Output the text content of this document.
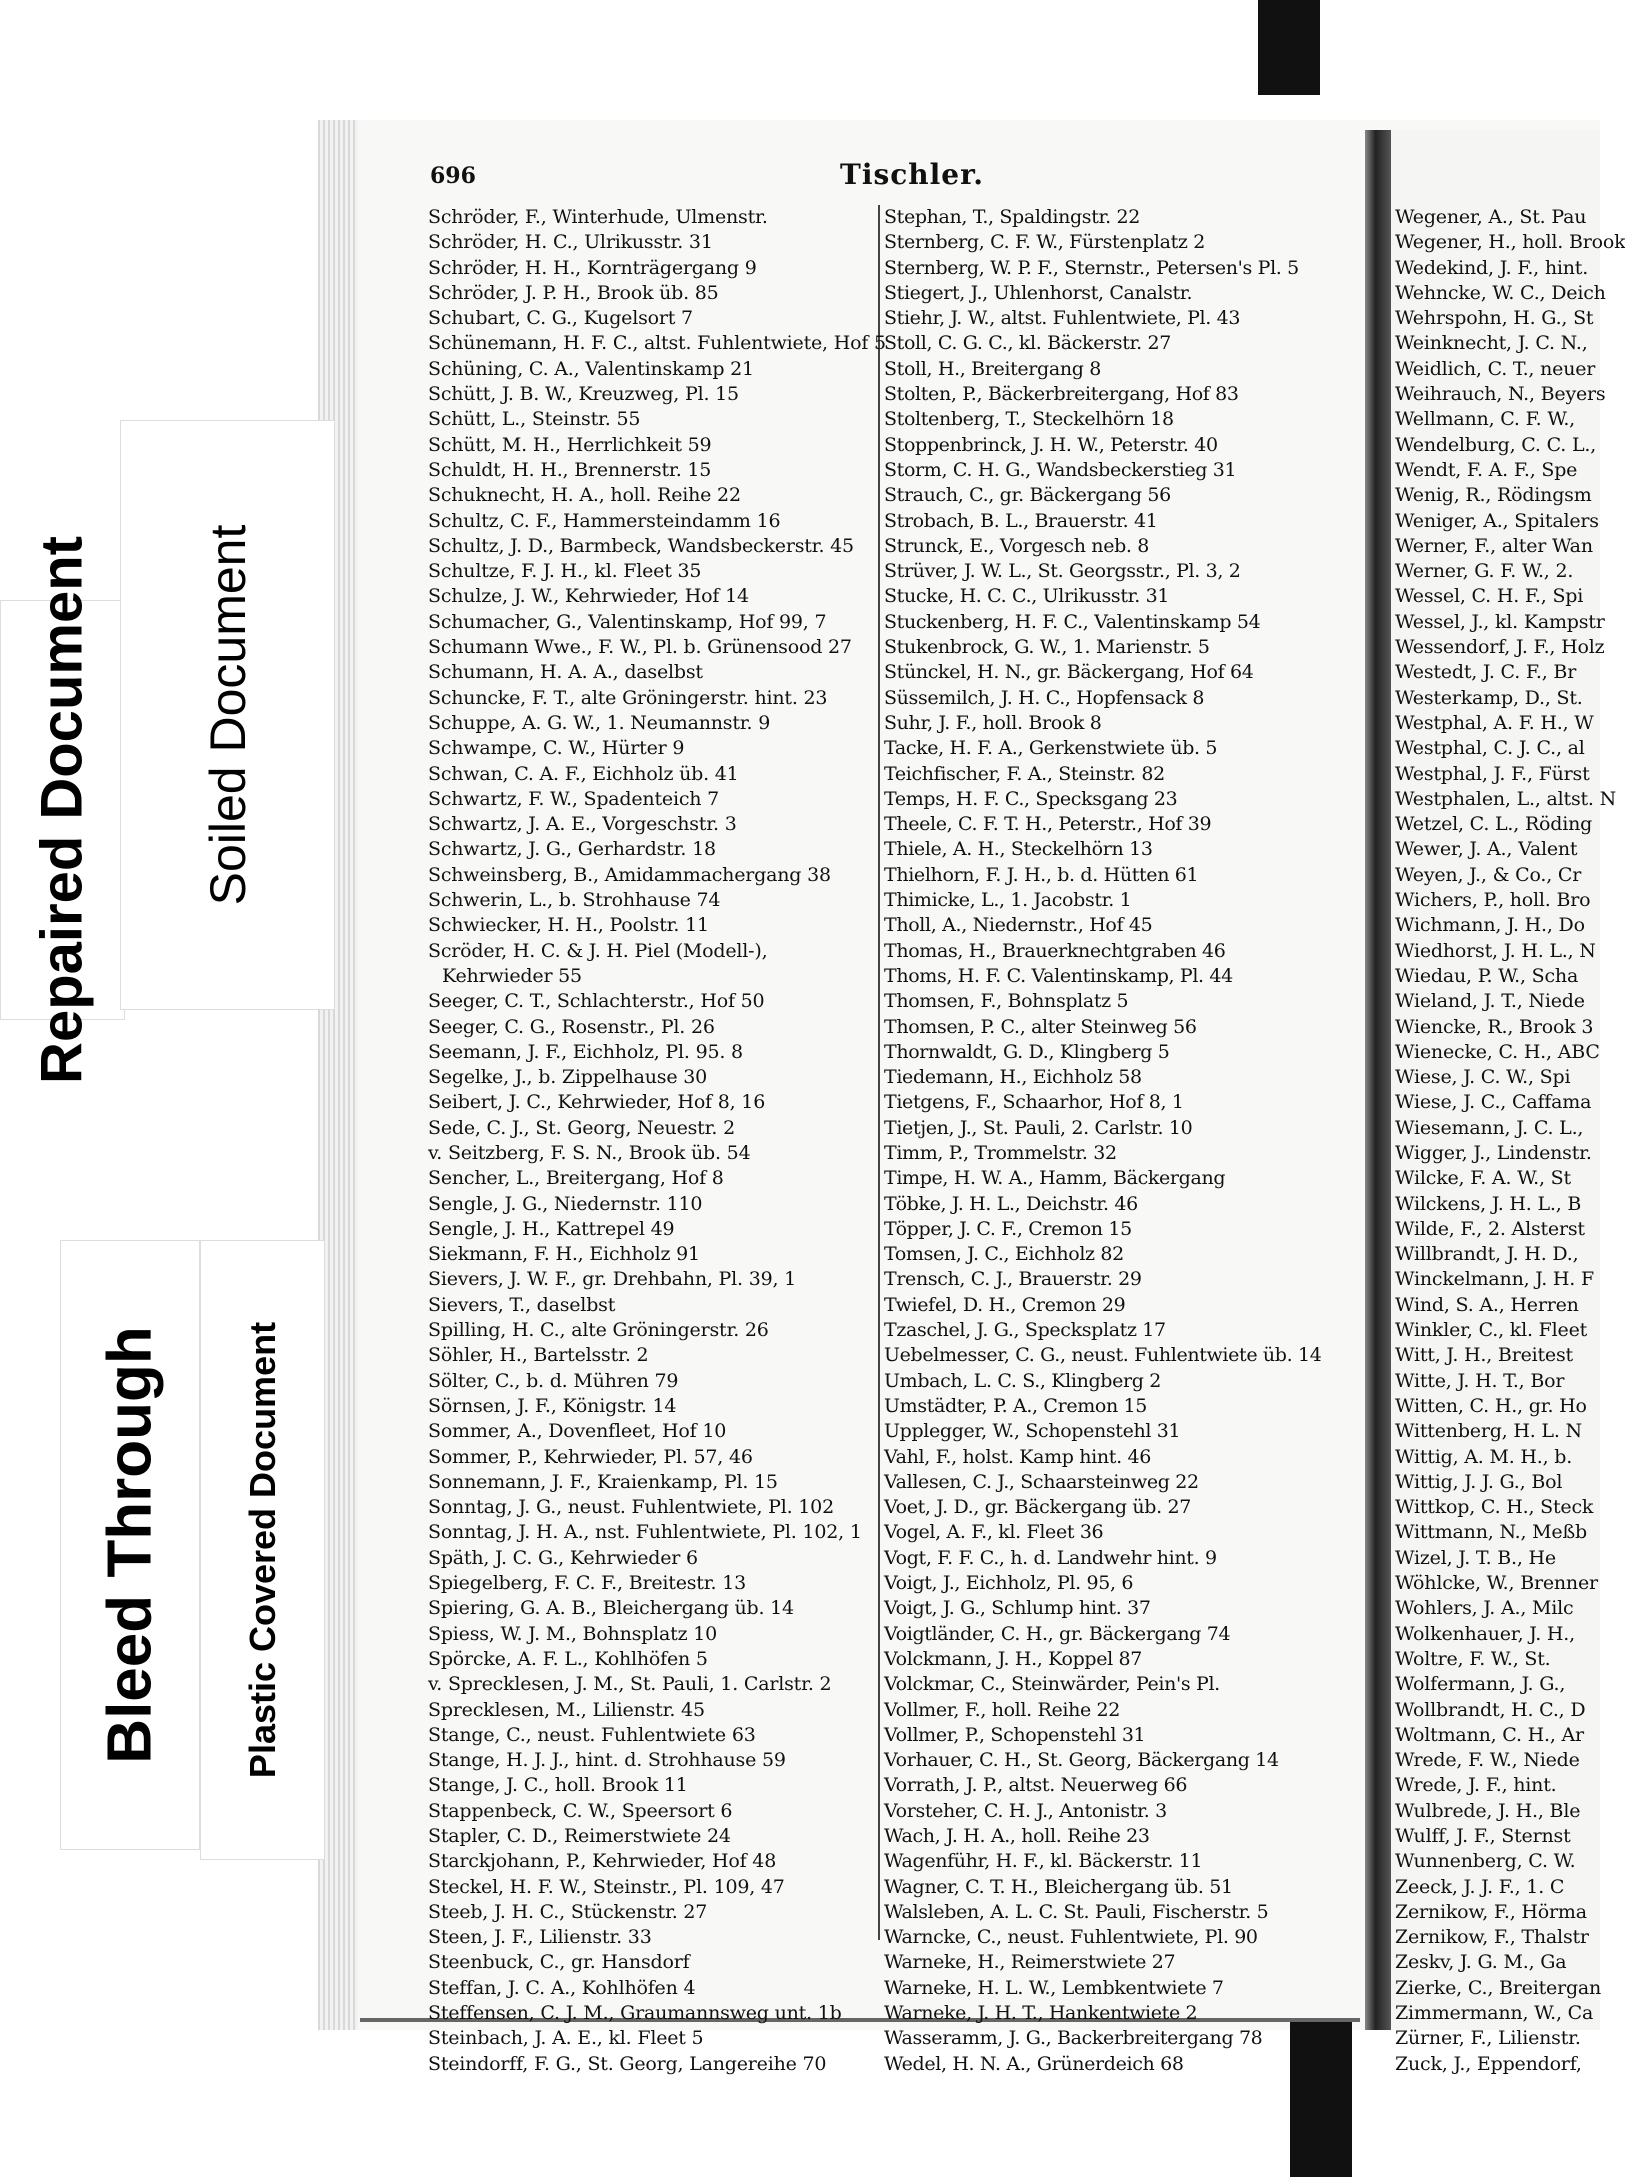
Repaired Document Soiled Document
Bleed Through Plastic Covered Document
696	Tischler.
Schröder, F., Winterhude, Ulmenstr.
Schröder, H. C., Ulrikusstr. 31
Schröder, H. H., Kornträgergang 9
Schröder, J. P. H., Brook üb. 85
Schubart, C. G., Kugelsort 7
Schünemann, H. F. C., altst. Fuhlentwiete, Hof 5
Schüning, C. A., Valentinskamp 21
Schütt, J. B. W., Kreuzweg, Pl. 15
Schütt, L., Steinstr. 55
Schütt, M. H., Herrlichkeit 59
Schuldt, H. H., Brennerstr. 15
Schuknecht, H. A., holl. Reihe 22
Schultz, C. F., Hammersteindamm 16
Schultz, J. D., Barmbeck, Wandsbeckerstr. 45
Schultze, F. J. H., kl. Fleet 35
Schulze, J. W., Kehrwieder, Hof 14
Schumacher, G., Valentinskamp, Hof 99, 7
Schumann Wwe., F. W., Pl. b. Grünensood 27
Schumann, H. A. A., daselbst
Schuncke, F. T., alte Gröningerstr. hint. 23
Schuppe, A. G. W., 1. Neumannstr. 9
Schwampe, C. W., Hürter 9
Schwan, C. A. F., Eichholz üb. 41
Schwartz, F. W., Spadenteich 7
Schwartz, J. A. E., Vorgeschstr. 3
Schwartz, J. G., Gerhardstr. 18
Schweinsberg, B., Amidammachergang 38
Schwerin, L., b. Strohhause 74
Schwiecker, H. H., Poolstr. 11
Scröder, H. C. & J. H. Piel (Modell-),
Kehrwieder 55
Seeger, C. T., Schlachterstr., Hof 50
Seeger, C. G., Rosenstr., Pl. 26
Seemann, J. F., Eichholz, Pl. 95. 8
Segelke, J., b. Zippelhause 30
Seibert, J. C., Kehrwieder, Hof 8, 16
Sede, C. J., St. Georg, Neuestr. 2
v. Seitzberg, F. S. N., Brook üb. 54
Sencher, L., Breitergang, Hof 8
Sengle, J. G., Niedernstr. 110
Sengle, J. H., Kattrepel 49
Siekmann, F. H., Eichholz 91
Sievers, J. W. F., gr. Drehbahn, Pl. 39, 1
Sievers, T., daselbst
Spilling, H. C., alte Gröningerstr. 26
Söhler, H., Bartelsstr. 2
Sölter, C., b. d. Mühren 79
Sörnsen, J. F., Königstr. 14
Sommer, A., Dovenfleet, Hof 10
Sommer, P., Kehrwieder, Pl. 57, 46
Sonnemann, J. F., Kraienkamp, Pl. 15
Sonntag, J. G., neust. Fuhlentwiete, Pl. 102
Sonntag, J. H. A., nst. Fuhlentwiete, Pl. 102, 1
Späth, J. C. G., Kehrwieder 6
Spiegelberg, F. C. F., Breitestr. 13
Spiering, G. A. B., Bleichergang üb. 14
Spiess, W. J. M., Bohnsplatz 10
Spörcke, A. F. L., Kohlhöfen 5
v. Sprecklesen, J. M., St. Pauli, 1. Carlstr. 2
Sprecklesen, M., Lilienstr. 45
Stange, C., neust. Fuhlentwiete 63
Stange, H. J. J., hint. d. Strohhause 59
Stange, J. C., holl. Brook 11
Stappenbeck, C. W., Speersort 6
Stapler, C. D., Reimerstwiete 24
Starckjohann, P., Kehrwieder, Hof 48
Steckel, H. F. W., Steinstr., Pl. 109, 47
Steeb, J. H. C., Stückenstr. 27
Steen, J. F., Lilienstr. 33
Steenbuck, C., gr. Hansdorf
Steffan, J. C. A., Kohlhöfen 4
Steffensen, C. J. M., Graumannsweg unt. 1b
Steinbach, J. A. E., kl. Fleet 5
Steindorff, F. G., St. Georg, Langereihe 70
Stephan, T., Spaldingstr. 22
Sternberg, C. F. W., Fürstenplatz 2
Sternberg, W. P. F., Sternstr., Petersen's Pl. 5
Stiegert, J., Uhlenhorst, Canalstr.
Stiehr, J. W., altst. Fuhlentwiete, Pl. 43
Stoll, C. G. C., kl. Bäckerstr. 27
Stoll, H., Breitergang 8
Stolten, P., Bäckerbreitergang, Hof 83
Stoltenberg, T., Steckelhörn 18
Stoppenbrinck, J. H. W., Peterstr. 40
Storm, C. H. G., Wandsbeckerstieg 31
Strauch, C., gr. Bäckergang 56
Strobach, B. L., Brauerstr. 41
Strunck, E., Vorgesch neb. 8
Strüver, J. W. L., St. Georgsstr., Pl. 3, 2
Stucke, H. C. C., Ulrikusstr. 31
Stuckenberg, H. F. C., Valentinskamp 54
Stukenbrock, G. W., 1. Marienstr. 5
Stünckel, H. N., gr. Bäckergang, Hof 64
Süssemilch, J. H. C., Hopfensack 8
Suhr, J. F., holl. Brook 8
Tacke, H. F. A., Gerkenstwiete üb. 5
Teichfischer, F. A., Steinstr. 82
Temps, H. F. C., Specksgang 23
Theele, C. F. T. H., Peterstr., Hof 39
Thiele, A. H., Steckelhörn 13
Thielhorn, F. J. H., b. d. Hütten 61
Thimicke, L., 1. Jacobstr. 1
Tholl, A., Niedernstr., Hof 45
Thomas, H., Brauerknechtgraben 46
Thoms, H. F. C. Valentinskamp, Pl. 44
Thomsen, F., Bohnsplatz 5
Thomsen, P. C., alter Steinweg 56
Thornwaldt, G. D., Klingberg 5
Tiedemann, H., Eichholz 58
Tietgens, F., Schaarhor, Hof 8, 1
Tietjen, J., St. Pauli, 2. Carlstr. 10
Timm, P., Trommelstr. 32
Timpe, H. W. A., Hamm, Bäckergang
Töbke, J. H. L., Deichstr. 46
Töpper, J. C. F., Cremon 15
Tomsen, J. C., Eichholz 82
Trensch, C. J., Brauerstr. 29
Twiefel, D. H., Cremon 29
Tzaschel, J. G., Specksplatz 17
Uebelmesser, C. G., neust. Fuhlentwiete üb. 14
Umbach, L. C. S., Klingberg 2
Umstädter, P. A., Cremon 15
Upplegger, W., Schopenstehl 31
Vahl, F., holst. Kamp hint. 46
Vallesen, C. J., Schaarsteinweg 22
Voet, J. D., gr. Bäckergang üb. 27
Vogel, A. F., kl. Fleet 36
Vogt, F. F. C., h. d. Landwehr hint. 9
Voigt, J., Eichholz, Pl. 95, 6
Voigt, J. G., Schlump hint. 37
Voigtländer, C. H., gr. Bäckergang 74
Volckmann, J. H., Koppel 87
Volckmar, C., Steinwärder, Pein's Pl.
Vollmer, F., holl. Reihe 22
Vollmer, P., Schopenstehl 31
Vorhauer, C. H., St. Georg, Bäckergang 14
Vorrath, J. P., altst. Neuerweg 66
Vorsteher, C. H. J., Antonistr. 3
Wach, J. H. A., holl. Reihe 23
Wagenführ, H. F., kl. Bäckerstr. 11
Wagner, C. T. H., Bleichergang üb. 51
Walsleben, A. L. C. St. Pauli, Fischerstr. 5
Warncke, C., neust. Fuhlentwiete, Pl. 90
Warneke, H., Reimerstwiete 27
Warneke, H. L. W., Lembkentwiete 7
Warneke, J. H. T., Hankentwiete 2
Wasseramm, J. G., Backerbreitergang 78
Wedel, H. N. A., Grünerdeich 68
Wegener, A., St. Pau
Wegener, H., holl. Brook
Wedekind, J. F., hint.
Wehncke, W. C., Deich
Wehrspohn, H. G., St
Weinknecht, J. C. N.,
Weidlich, C. T., neuer
Weihrauch, N., Beyers
Wellmann, C. F. W.,
Wendelburg, C. C. L.,
Wendt, F. A. F., Spe
Wenig, R., Rödingsm
Weniger, A., Spitalers
Werner, F., alter Wan
Werner, G. F. W., 2.
Wessel, C. H. F., Spi
Wessel, J., kl. Kampstr
Wessendorf, J. F., Holz
Westedt, J. C. F., Br
Westerkamp, D., St.
Westphal, A. F. H., W
Westphal, C. J. C., al
Westphal, J. F., Fürst
Westphalen, L., altst. N
Wetzel, C. L., Röding
Wewer, J. A., Valent
Weyen, J., & Co., Cr
Wichers, P., holl. Bro
Wichmann, J. H., Do
Wiedhorst, J. H. L., N
Wiedau, P. W., Scha
Wieland, J. T., Niede
Wiencke, R., Brook 3
Wienecke, C. H., ABC
Wiese, J. C. W., Spi
Wiese, J. C., Caffama
Wiesemann, J. C. L.,
Wigger, J., Lindenstr.
Wilcke, F. A. W., St
Wilckens, J. H. L., B
Wilde, F., 2. Alsterst
Willbrandt, J. H. D.,
Winckelmann, J. H. F
Wind, S. A., Herren
Winkler, C., kl. Fleet
Witt, J. H., Breitest
Witte, J. H. T., Bor
Witten, C. H., gr. Ho
Wittenberg, H. L. N
Wittig, A. M. H., b.
Wittig, J. J. G., Bol
Wittkop, C. H., Steck
Wittmann, N., Meßb
Wizel, J. T. B., He
Wöhlcke, W., Brenner
Wohlers, J. A., Milc
Wolkenhauer, J. H.,
Woltre, F. W., St.
Wolfermann, J. G.,
Wollbrandt, H. C., D
Woltmann, C. H., Ar
Wrede, F. W., Niede
Wrede, J. F., hint.
Wulbrede, J. H., Ble
Wulff, J. F., Sternst
Wunnenberg, C. W.
Zeeck, J. J. F., 1. C
Zernikow, F., Hörma
Zernikow, F., Thalstr
Zeskv, J. G. M., Ga
Zierke, C., Breitergan
Zimmermann, W., Ca
Zürner, F., Lilienstr.
Zuck, J., Eppendorf,
